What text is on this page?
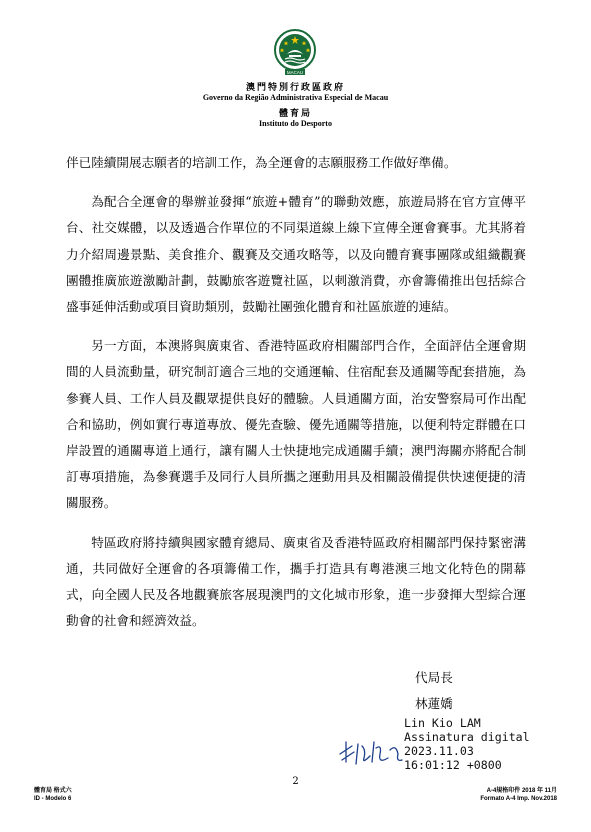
MACAU
澳門特別行政區政府
Governo da Região Administrativa Especial de Macau
體育局
Instituto do Desporto

伴已陸續開展志願者的培訓工作，為全運會的志願服務工作做好準備。

為配合全運會的舉辦並發揮“旅遊+體育”的聯動效應，旅遊局將在官方宣傳平台、社交媒體，以及透過合作單位的不同渠道線上線下宣傳全運會賽事。尤其將着力介紹周邊景點、美食推介、觀賽及交通攻略等，以及向體育賽事團隊或組織觀賽團體推廣旅遊激勵計劃，鼓勵旅客遊覽社區，以刺激消費，亦會籌備推出包括綜合盛事延伸活動或項目資助類別，鼓勵社團強化體育和社區旅遊的連結。

另一方面，本澳將與廣東省、香港特區政府相關部門合作，全面評估全運會期間的人員流動量，研究制訂適合三地的交通運輸、住宿配套及通關等配套措施，為參賽人員、工作人員及觀眾提供良好的體驗。人員通關方面，治安警察局可作出配合和協助，例如實行專道專放、優先查驗、優先通關等措施，以便利特定群體在口岸設置的通關專道上通行，讓有關人士快捷地完成通關手續；澳門海關亦將配合制訂專項措施，為參賽選手及同行人員所攜之運動用具及相關設備提供快速便捷的清關服務。

特區政府將持續與國家體育總局、廣東省及香港特區政府相關部門保持緊密溝通，共同做好全運會的各項籌備工作，攜手打造具有粵港澳三地文化特色的開幕式，向全國人民及各地觀賽旅客展現澳門的文化城市形象，進一步發揮大型綜合運動會的社會和經濟效益。

代局長
林蓮嬌
Lin Kio LAM
Assinatura digital
2023.11.03
16:01:12 +0800
2
體育局 格式六
ID - Modelo 6
A-4規格印件 2018 年 11月
Formato A-4 Imp. Nov.2018
